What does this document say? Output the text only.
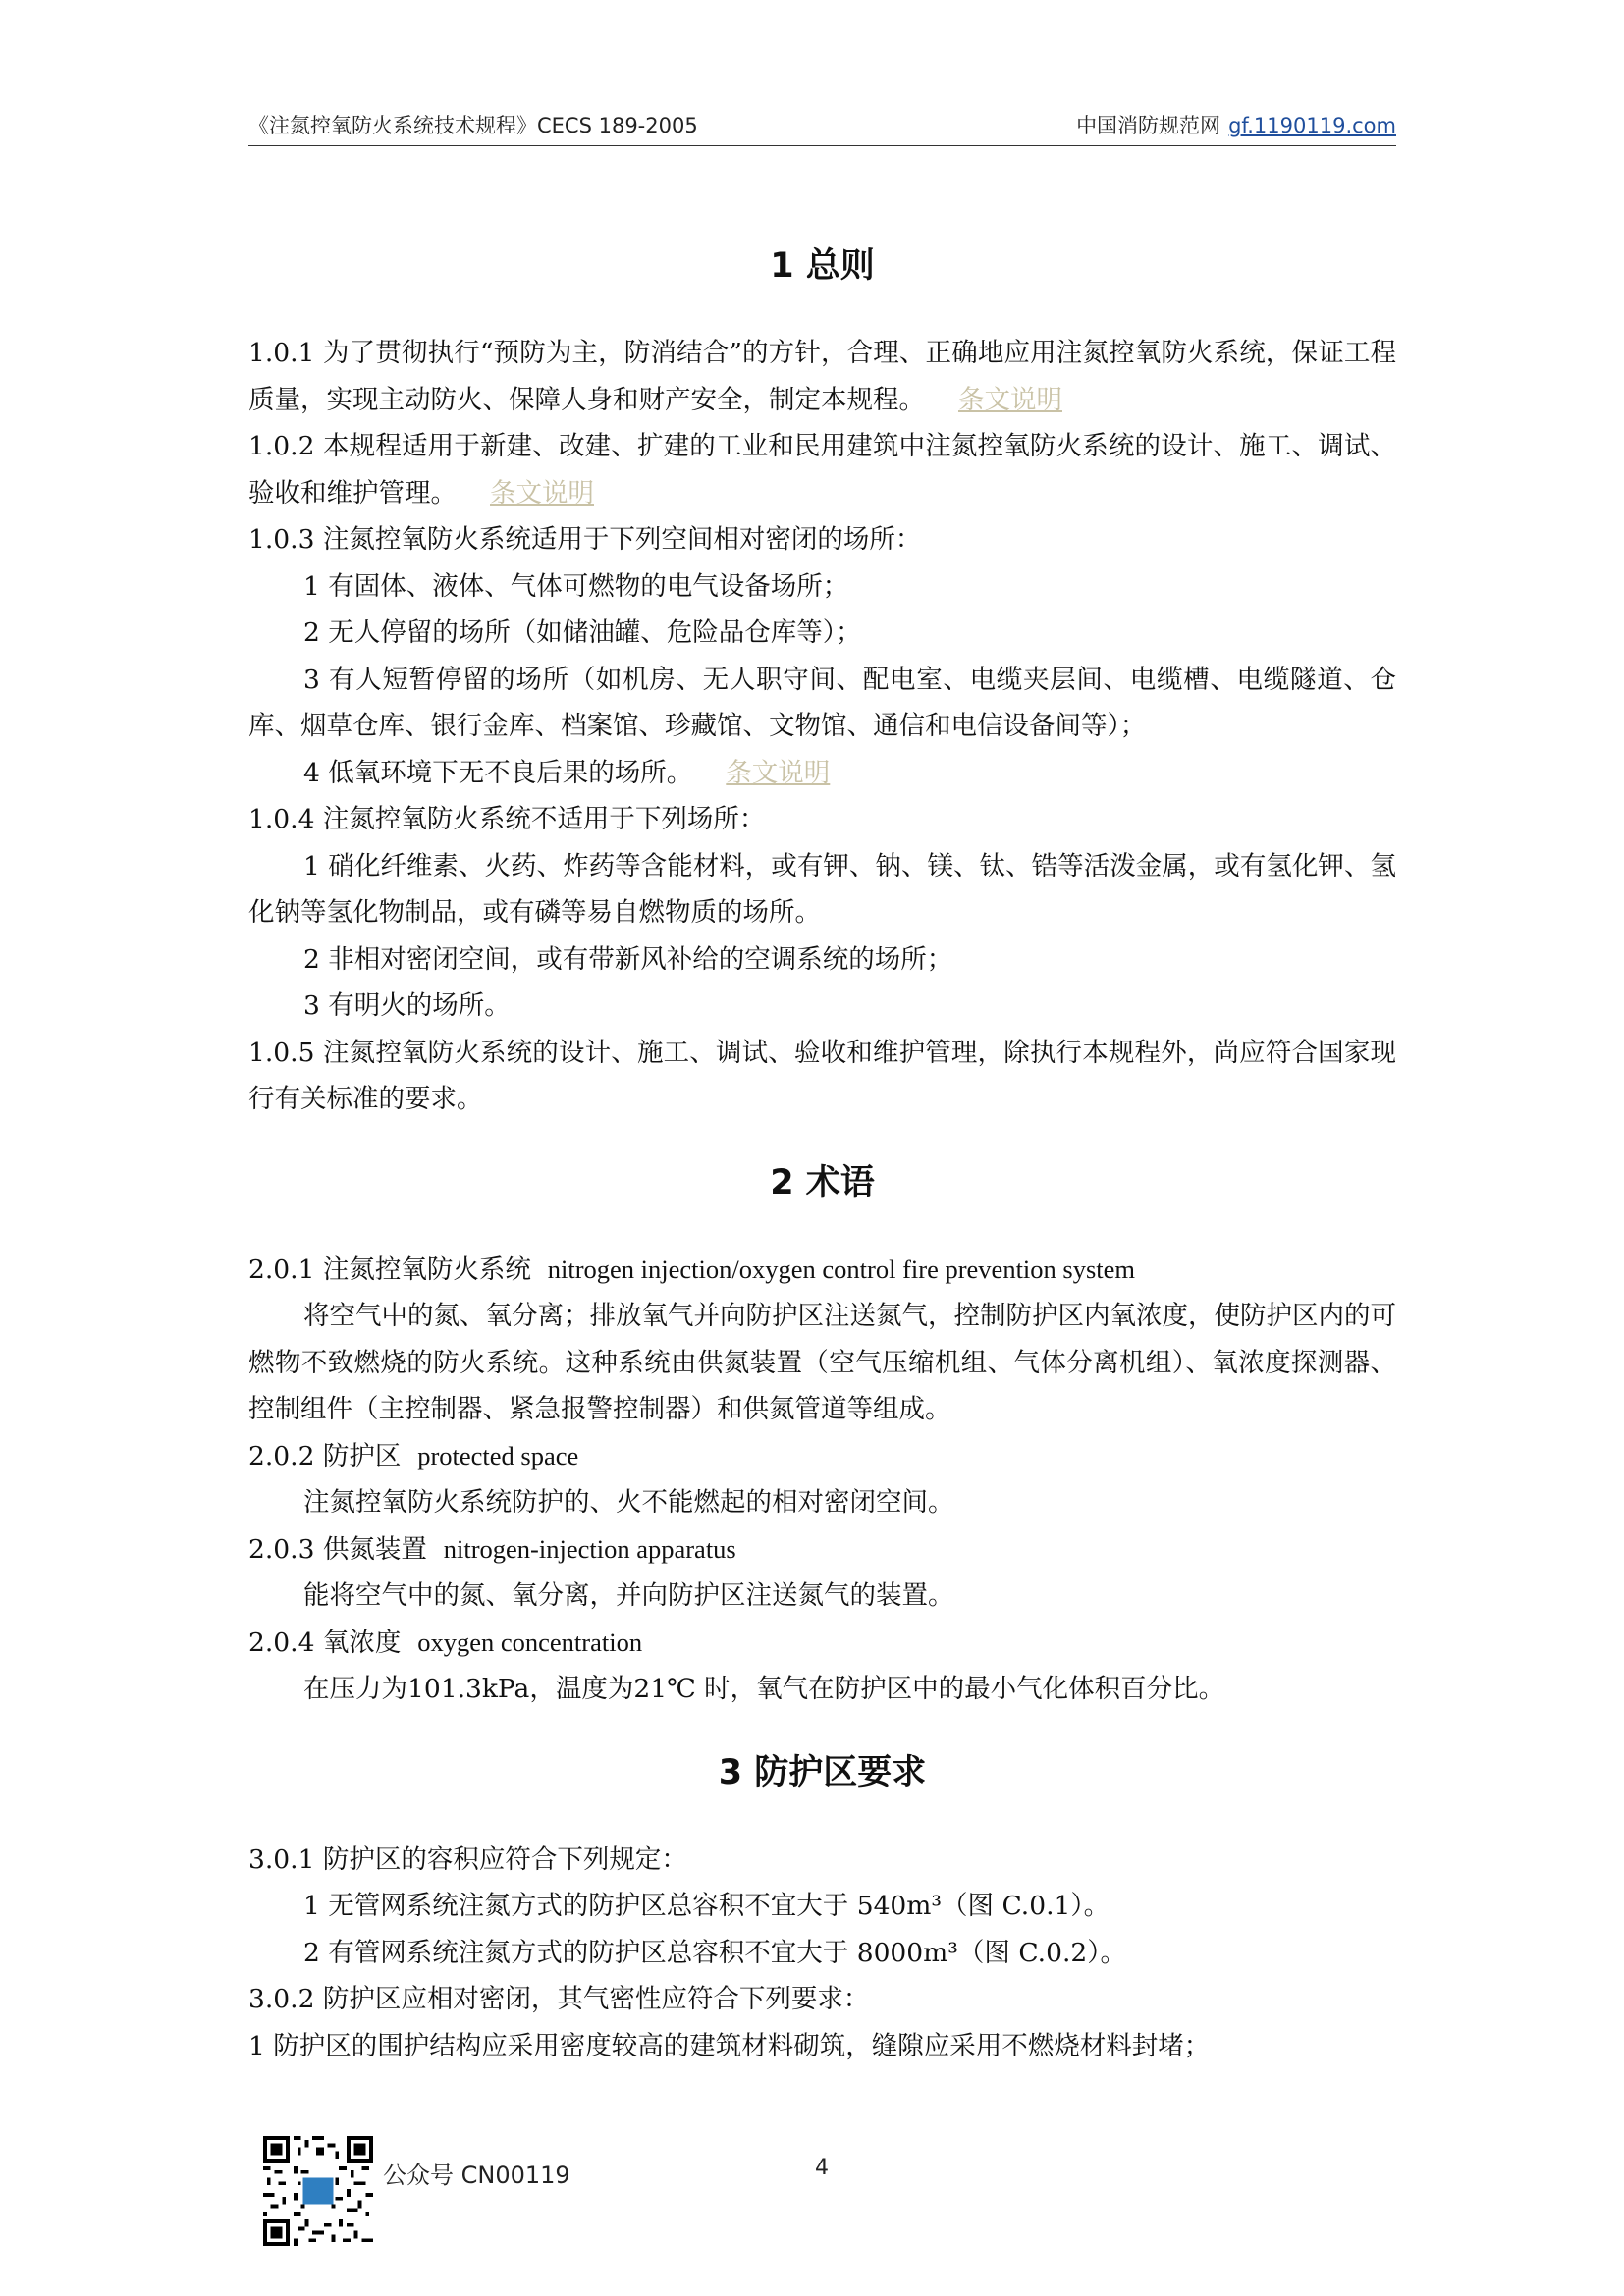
《注氮控氧防火系统技术规程》CECS 189-2005	中国消防规范网 gf.1190119.com
1 总则

1.0.1 为了贯彻执行“预防为主，防消结合”的方针，合理、正确地应用注氮控氧防火系统，保证工程质量，实现主动防火、保障人身和财产安全，制定本规程。 条文说明

1.0.2 本规程适用于新建、改建、扩建的工业和民用建筑中注氮控氧防火系统的设计、施工、调试、验收和维护管理。 条文说明

1.0.3 注氮控氧防火系统适用于下列空间相对密闭的场所：

1 有固体、液体、气体可燃物的电气设备场所；

2 无人停留的场所（如储油罐、危险品仓库等）；

3 有人短暂停留的场所（如机房、无人职守间、配电室、电缆夹层间、电缆槽、电缆隧道、仓库、烟草仓库、银行金库、档案馆、珍藏馆、文物馆、通信和电信设备间等）；

4 低氧环境下无不良后果的场所。 条文说明

1.0.4 注氮控氧防火系统不适用于下列场所：

1 硝化纤维素、火药、炸药等含能材料，或有钾、钠、镁、钛、锆等活泼金属，或有氢化钾、氢化钠等氢化物制品，或有磷等易自燃物质的场所。

2 非相对密闭空间，或有带新风补给的空调系统的场所；

3 有明火的场所。

1.0.5 注氮控氧防火系统的设计、施工、调试、验收和维护管理，除执行本规程外，尚应符合国家现行有关标准的要求。

2 术语

2.0.1 注氮控氧防火系统 nitrogen injection/oxygen control fire prevention system

将空气中的氮、氧分离；排放氧气并向防护区注送氮气，控制防护区内氧浓度，使防护区内的可燃物不致燃烧的防火系统。这种系统由供氮装置（空气压缩机组、气体分离机组）、氧浓度探测器、控制组件（主控制器、紧急报警控制器）和供氮管道等组成。

2.0.2 防护区 protected space

注氮控氧防火系统防护的、火不能燃起的相对密闭空间。

2.0.3 供氮装置 nitrogen-injection apparatus

能将空气中的氮、氧分离，并向防护区注送氮气的装置。

2.0.4 氧浓度 oxygen concentration

在压力为101.3kPa，温度为21℃ 时，氧气在防护区中的最小气化体积百分比。

3 防护区要求

3.0.1 防护区的容积应符合下列规定：

1 无管网系统注氮方式的防护区总容积不宜大于 540m³（图 C.0.1）。

2 有管网系统注氮方式的防护区总容积不宜大于 8000m³（图 C.0.2）。

3.0.2 防护区应相对密闭，其气密性应符合下列要求：

1 防护区的围护结构应采用密度较高的建筑材料砌筑，缝隙应采用不燃烧材料封堵；

公众号 CN00119	4
